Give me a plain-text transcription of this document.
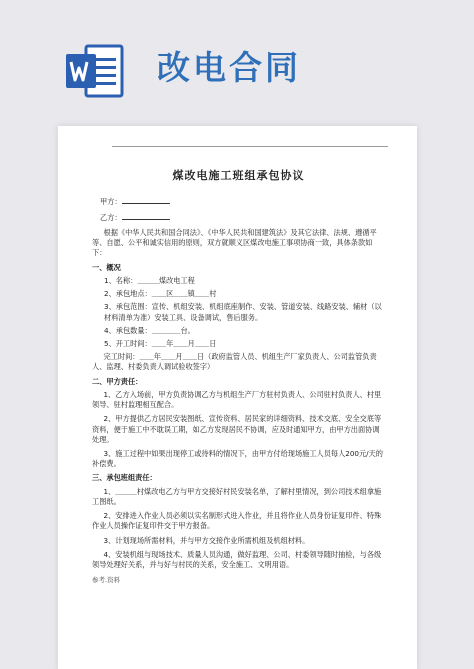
改电合同
煤改电施工班组承包协议
甲方：
乙方：

根据《中华人民共和国合同法》、《中华人民共和国建筑法》及其它法律、法规、遵循平等、自愿、公平和诚实信用的原则，双方就顺义区煤改电施工事项协商一致，具体条款如下：

一、概况

1、名称：＿＿＿煤改电工程

2、承包地点：＿＿区＿＿镇＿＿村

3、承包范围：宣传、机组安装、机组底座制作、安装、管道安装、线路安装、辅材（以材料清单为准）安装工具、设备调试，售后服务。

4、承包数量：＿＿＿＿台。

5、开工时间：＿＿年＿＿月＿＿日

完工时间：＿＿年＿＿月＿＿日（政府监管人员、机组生产厂家负责人、公司监管负责人、监理、村委负责人调试验收签字）

二、甲方责任：

1、乙方入场前，甲方负责协调乙方与机组生产厂方驻村负责人、公司驻村负责人、村里领导、驻村监理相互配合。

2、甲方提供乙方居民安装图纸、宣传资料、居民家的详细资料、技术交底、安全交底等资料，便于施工中不耽误工期，如乙方发现居民不协调，应及时通知甲方，由甲方出面协调处理。

3、施工过程中如果出现停工或待料的情况下，由甲方付给现场施工人员每人200元/天的补偿费。

三、承包班组责任：

1、＿＿＿村煤改电乙方与甲方交接好村民安装名单，了解村里情况，到公司技术组拿施工图纸。

2、安排进入作业人员必须以实名制形式进入作业，并且将作业人员身份证复印件、特殊作业人员操作证复印件交于甲方报备。

3、计划现场所需材料，并与甲方交接作业所需机组及机组材料。

4、安装机组与现场技术、质量人员沟通，做好监理、公司、村委领导随时抽检，与各级领导处理好关系，并与好与村民的关系，安全施工、文明用语。

参考.资料
